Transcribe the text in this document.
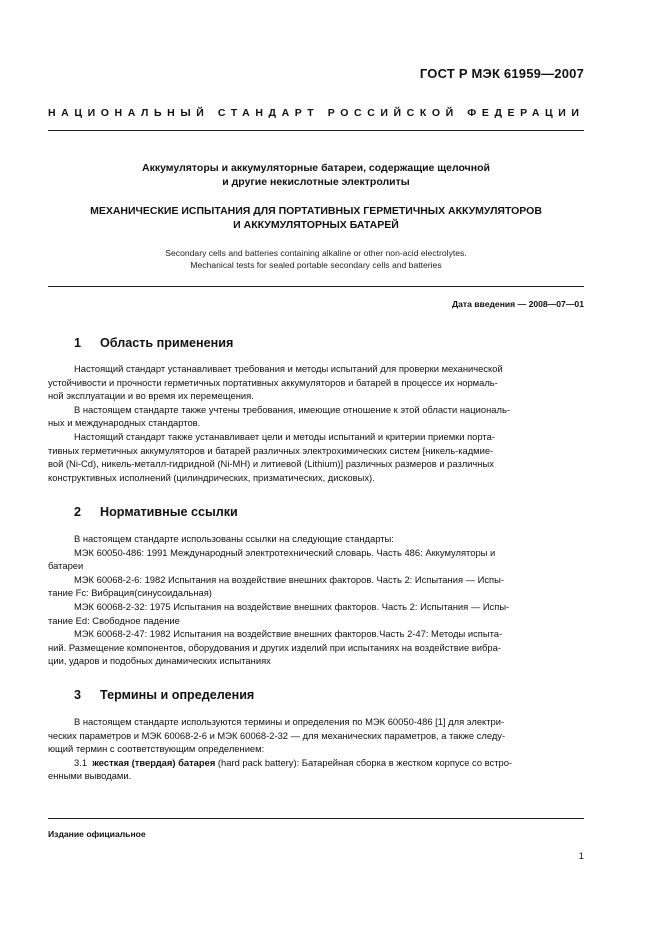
ГОСТ Р МЭК 61959—2007
НАЦИОНАЛЬНЫЙ СТАНДАРТ РОССИЙСКОЙ ФЕДЕРАЦИИ
Аккумуляторы и аккумуляторные батареи, содержащие щелочной
и другие некислотные электролиты
МЕХАНИЧЕСКИЕ ИСПЫТАНИЯ ДЛЯ ПОРТАТИВНЫХ ГЕРМЕТИЧНЫХ АККУМУЛЯТОРОВ
И АККУМУЛЯТОРНЫХ БАТАРЕЙ
Secondary cells and batteries containing alkaline or other non-acid electrolytes.
Mechanical tests for sealed portable secondary cells and batteries
Дата введения — 2008—07—01
1 Область применения
Настоящий стандарт устанавливает требования и методы испытаний для проверки механической
устойчивости и прочности герметичных портативных аккумуляторов и батарей в процессе их нормаль-
ной эксплуатации и во время их перемещения.
В настоящем стандарте также учтены требования, имеющие отношение к этой области националь-
ных и международных стандартов.
Настоящий стандарт также устанавливает цели и методы испытаний и критерии приемки порта-
тивных герметичных аккумуляторов и батарей различных электрохимических систем [никель-кадмие-
вой (Ni-Cd), никель-металл-гидридной (Ni-MH) и литиевой (Lithium)] различных размеров и различных
конструктивных исполнений (цилиндрических, призматических, дисковых).
2 Нормативные ссылки
В настоящем стандарте использованы ссылки на следующие стандарты:
МЭК 60050-486: 1991 Международный электротехнический словарь. Часть 486: Аккумуляторы и
батареи
МЭК 60068-2-6: 1982 Испытания на воздействие внешних факторов. Часть 2: Испытания — Испы-
тание Fc: Вибрация(синусоидальная)
МЭК 60068-2-32: 1975 Испытания на воздействие внешних факторов. Часть 2: Испытания — Испы-
тание Ed: Свободное падение
МЭК 60068-2-47: 1982 Испытания на воздействие внешних факторов.Часть 2-47: Методы испыта-
ний. Размещение компонентов, оборудования и других изделий при испытаниях на воздействие вибра-
ции, ударов и подобных динамических испытаниях
3 Термины и определения
В настоящем стандарте используются термины и определения по МЭК 60050-486 [1] для электри-
ческих параметров и МЭК 60068-2-6 и МЭК 60068-2-32 — для механических параметров, а также следу-
ющий термин с соответствующим определением:
3.1 жесткая (твердая) батарея (hard pack battery): Батарейная сборка в жестком корпусе со встро-
енными выводами.
Издание официальное
1
